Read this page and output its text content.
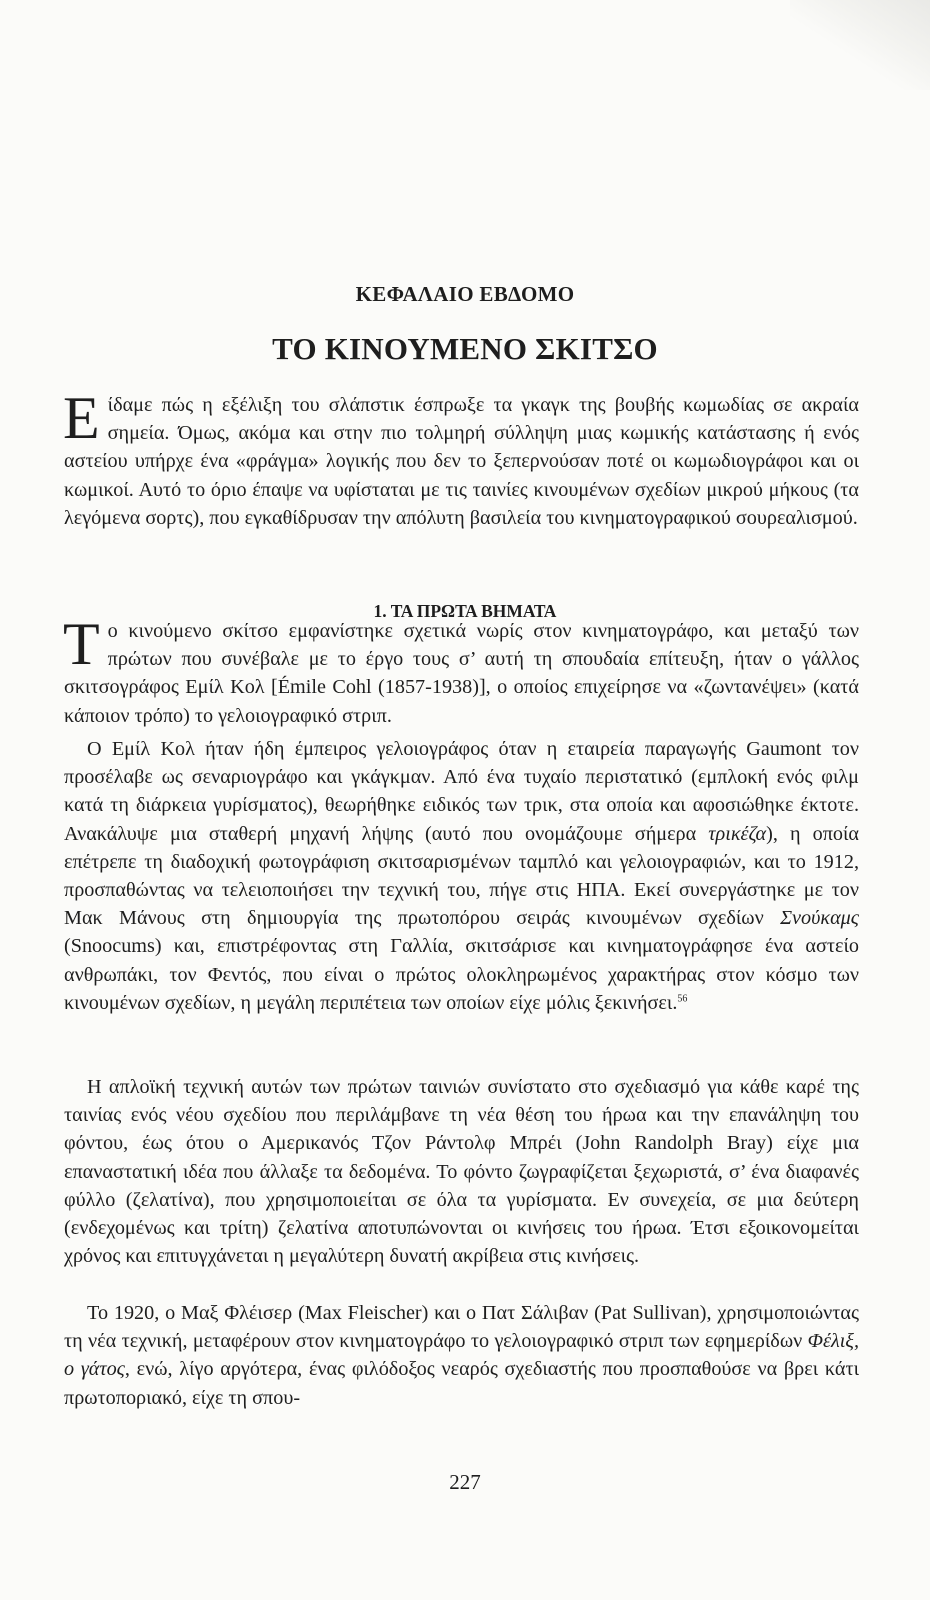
ΚΕΦΑΛΑΙΟ ΕΒΔΟΜΟ
ΤΟ ΚΙΝΟΥΜΕΝΟ ΣΚΙΤΣΟ
Είδαμε πώς η εξέλιξη του σλάπστικ έσπρωξε τα γκαγκ της βουβής κωμωδίας σε ακραία σημεία. Όμως, ακόμα και στην πιο τολμηρή σύλληψη μιας κωμικής κατάστασης ή ενός αστείου υπήρχε ένα «φράγμα» λογικής που δεν το ξεπερνούσαν ποτέ οι κωμωδιογράφοι και οι κωμικοί. Αυτό το όριο έπαψε να υφίσταται με τις ταινίες κινουμένων σχεδίων μικρού μήκους (τα λεγόμενα σορτς), που εγκαθίδρυσαν την απόλυτη βασιλεία του κινηματογραφικού σουρεαλισμού.
1. ΤΑ ΠΡΩΤΑ ΒΗΜΑΤΑ
Το κινούμενο σκίτσο εμφανίστηκε σχετικά νωρίς στον κινηματογράφο, και μεταξύ των πρώτων που συνέβαλε με το έργο τους σ’ αυτή τη σπουδαία επίτευξη, ήταν ο γάλλος σκιτσογράφος Εμίλ Κολ [Émile Cohl (1857-1938)], ο οποίος επιχείρησε να «ζωντανέψει» (κατά κάποιον τρόπο) το γελοιογραφικό στριπ.
Ο Εμίλ Κολ ήταν ήδη έμπειρος γελοιογράφος όταν η εταιρεία παραγωγής Gaumont τον προσέλαβε ως σεναριογράφο και γκάγκμαν. Από ένα τυχαίο περιστατικό (εμπλοκή ενός φιλμ κατά τη διάρκεια γυρίσματος), θεωρήθηκε ειδικός των τρικ, στα οποία και αφοσιώθηκε έκτοτε. Ανακάλυψε μια σταθερή μηχανή λήψης (αυτό που ονομάζουμε σήμερα τρικέζα), η οποία επέτρεπε τη διαδοχική φωτογράφιση σκιτσαρισμένων ταμπλό και γελοιογραφιών, και το 1912, προσπαθώντας να τελειοποιήσει την τεχνική του, πήγε στις ΗΠΑ. Εκεί συνεργάστηκε με τον Μακ Μάνους στη δημιουργία της πρωτοπόρου σειράς κινουμένων σχεδίων Σνούκαμς (Snoocums) και, επιστρέφοντας στη Γαλλία, σκιτσάρισε και κινηματογράφησε ένα αστείο ανθρωπάκι, τον Φεντός, που είναι ο πρώτος ολοκληρωμένος χαρακτήρας στον κόσμο των κινουμένων σχεδίων, η μεγάλη περιπέτεια των οποίων είχε μόλις ξεκινήσει.$^{56}$
Η απλοϊκή τεχνική αυτών των πρώτων ταινιών συνίστατο στο σχεδιασμό για κάθε καρέ της ταινίας ενός νέου σχεδίου που περιλάμβανε τη νέα θέση του ήρωα και την επανάληψη του φόντου, έως ότου ο Αμερικανός Τζον Ράντολφ Μπρέι (John Randolph Bray) είχε μια επαναστατική ιδέα που άλλαξε τα δεδομένα. Το φόντο ζωγραφίζεται ξεχωριστά, σ’ ένα διαφανές φύλλο (ζελατίνα), που χρησιμοποιείται σε όλα τα γυρίσματα. Εν συνεχεία, σε μια δεύτερη (ενδεχομένως και τρίτη) ζελατίνα αποτυπώνονται οι κινήσεις του ήρωα. Έτσι εξοικονομείται χρόνος και επιτυγχάνεται η μεγαλύτερη δυνατή ακρίβεια στις κινήσεις.
Το 1920, ο Μαξ Φλέισερ (Max Fleischer) και ο Πατ Σάλιβαν (Pat Sullivan), χρησιμοποιώντας τη νέα τεχνική, μεταφέρουν στον κινηματογράφο το γελοιογραφικό στριπ των εφημερίδων Φέλιξ, ο γάτος, ενώ, λίγο αργότερα, ένας φιλόδοξος νεαρός σχεδιαστής που προσπαθούσε να βρει κάτι πρωτοποριακό, είχε τη σπου-
227
